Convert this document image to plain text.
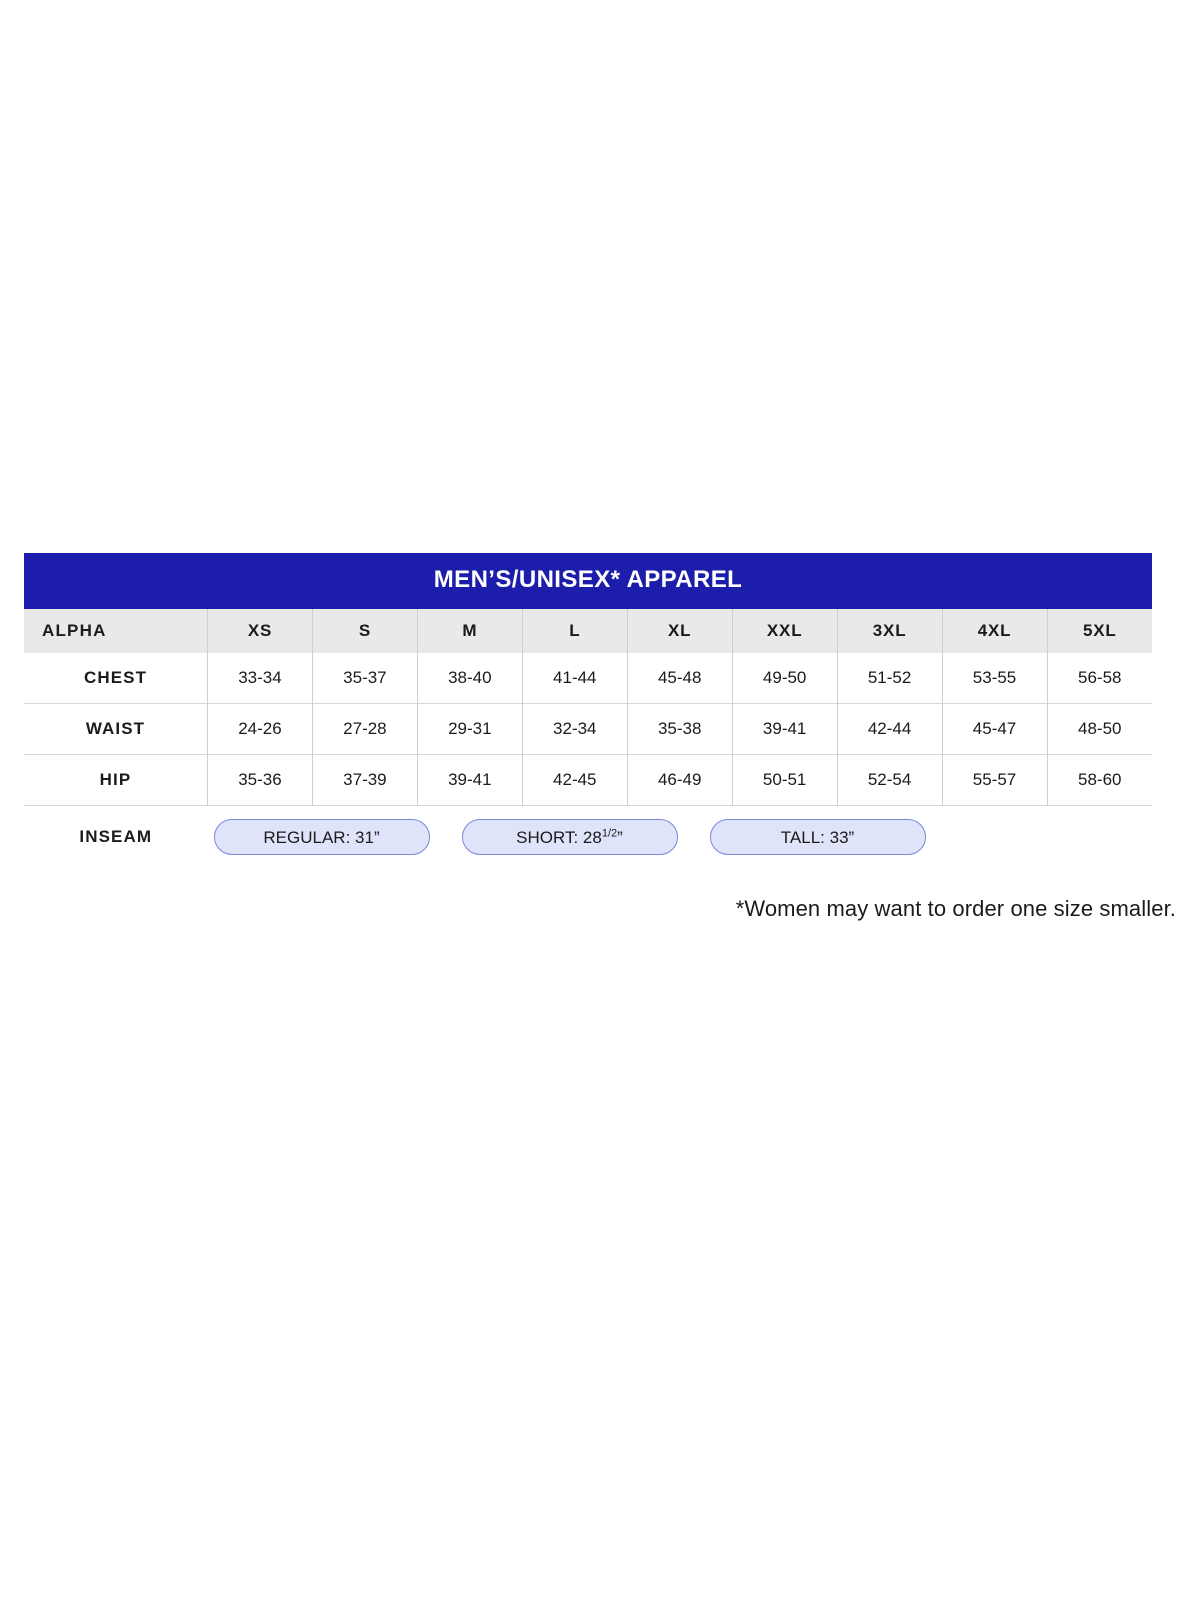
MEN’S/UNISEX* APPAREL
ALPHA	XS	S	M	L	XL	XXL	3XL	4XL	5XL
CHEST	33-34	35-37	38-40	41-44	45-48	49-50	51-52	53-55	56-58
WAIST	24-26	27-28	29-31	32-34	35-38	39-41	42-44	45-47	48-50
HIP	35-36	37-39	39-41	42-45	46-49	50-51	52-54	55-57	58-60
INSEAM	REGULAR: 31” SHORT: $28^{1/2}$” TALL: 33”								
*Women may want to order one size smaller.
